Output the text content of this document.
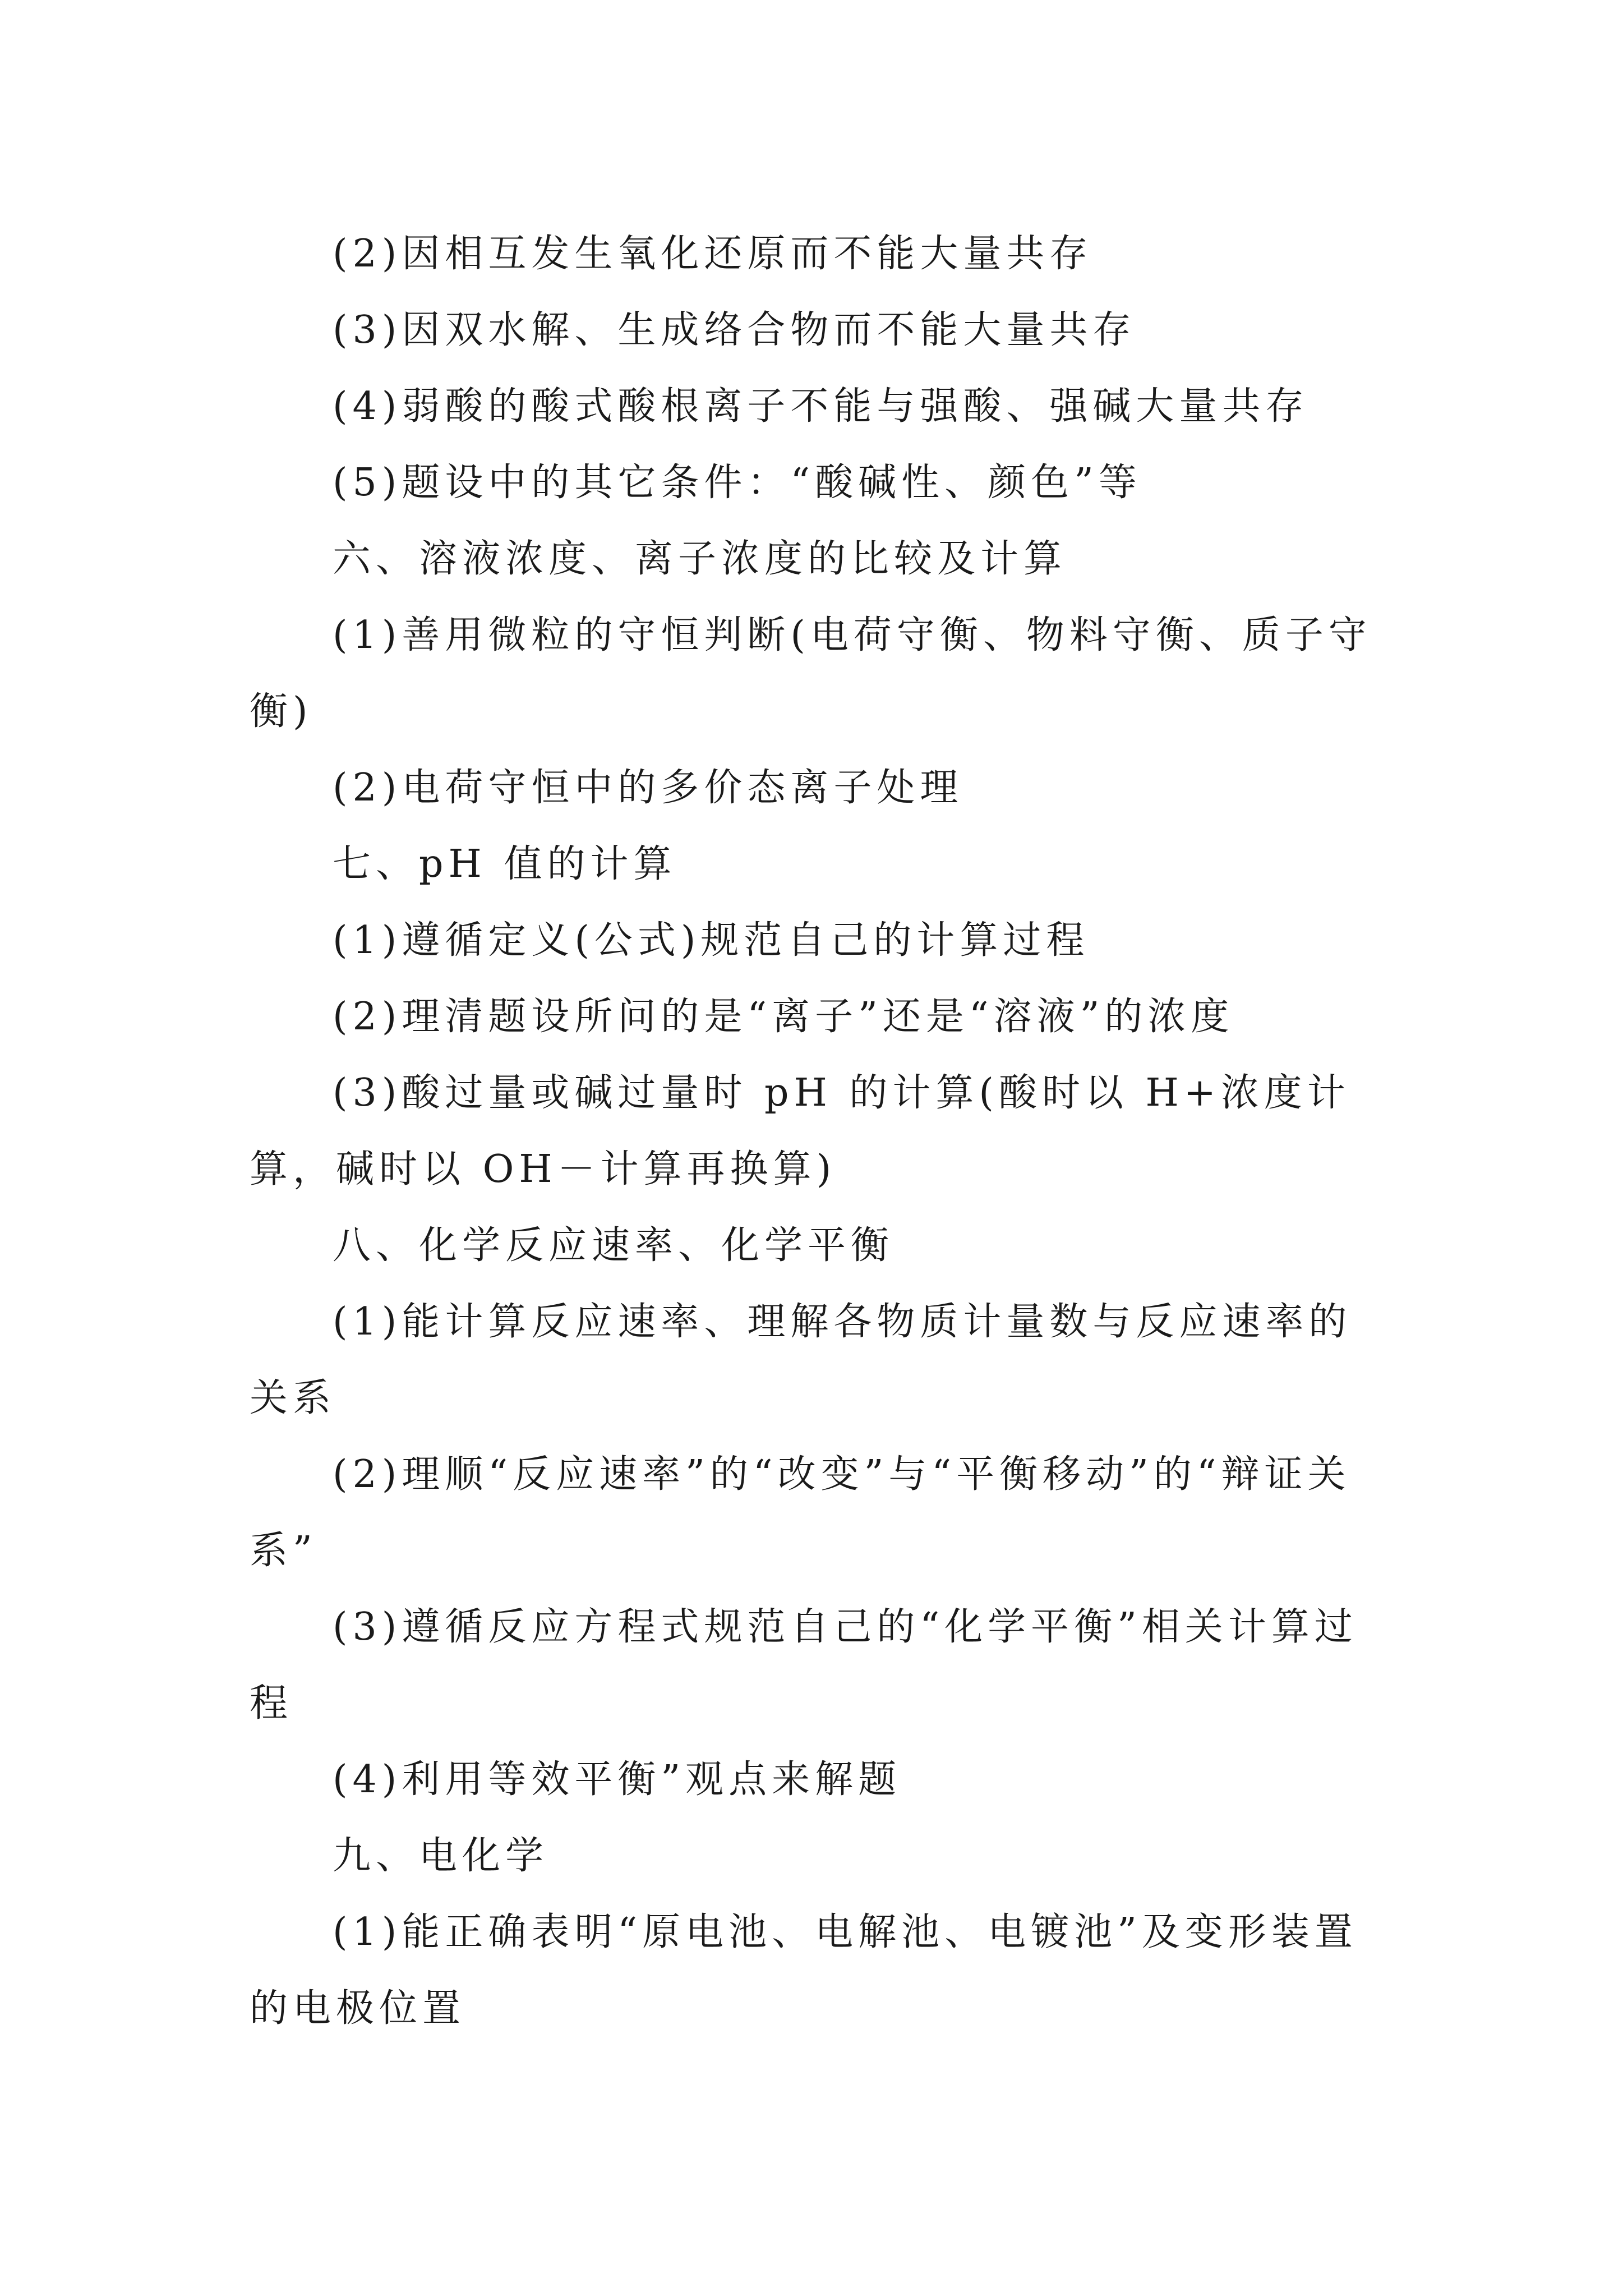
(2)因相互发生氧化还原而不能大量共存

(3)因双水解、生成络合物而不能大量共存

(4)弱酸的酸式酸根离子不能与强酸、强碱大量共存

(5)题设中的其它条件：“酸碱性、颜色”等

六、溶液浓度、离子浓度的比较及计算

(1)善用微粒的守恒判断(电荷守衡、物料守衡、质子守衡)

(2)电荷守恒中的多价态离子处理

七、pH 值的计算

(1)遵循定义(公式)规范自己的计算过程

(2)理清题设所问的是“离子”还是“溶液”的浓度

(3)酸过量或碱过量时 pH 的计算(酸时以 H+浓度计算，碱时以 OH－计算再换算)

八、化学反应速率、化学平衡

(1)能计算反应速率、理解各物质计量数与反应速率的关系

(2)理顺“反应速率”的“改变”与“平衡移动”的“辩证关系”

(3)遵循反应方程式规范自己的“化学平衡”相关计算过程

(4)利用等效平衡”观点来解题

九、电化学

(1)能正确表明“原电池、电解池、电镀池”及变形装置的电极位置
